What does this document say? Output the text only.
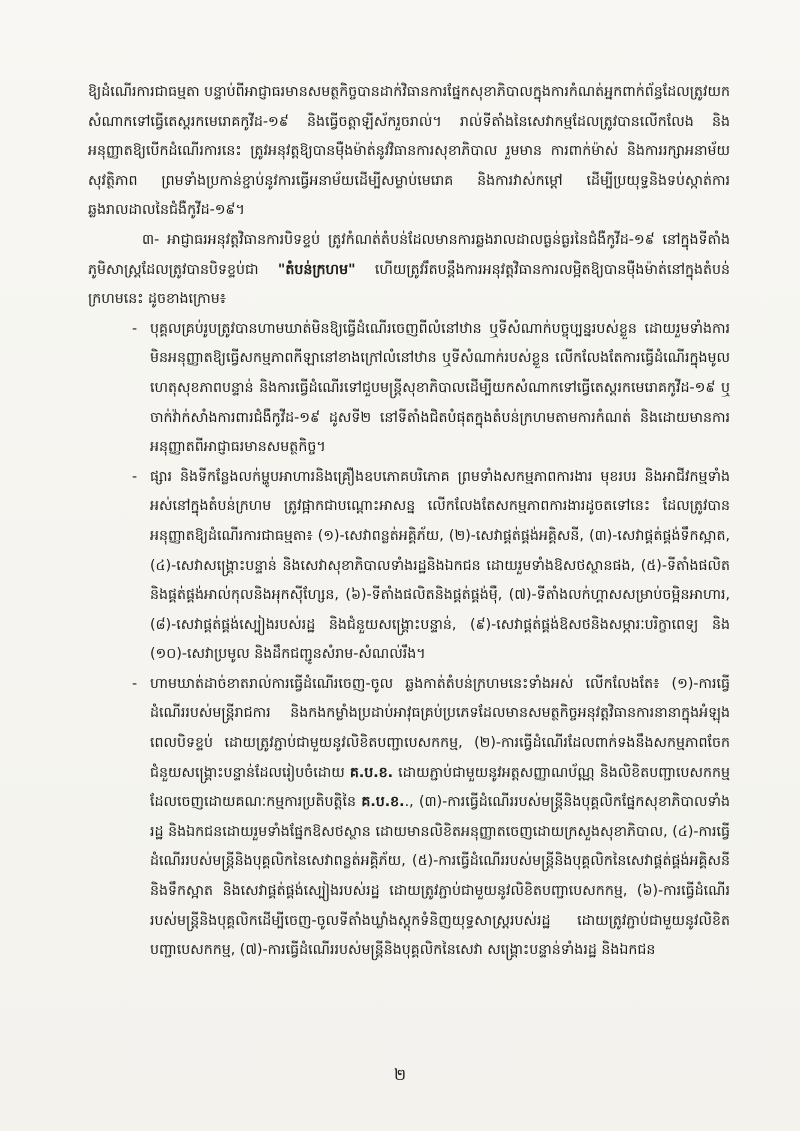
ឱ្យដំណើរការជាធម្មតា បន្ទាប់ពីអាជ្ញាធរមានសមត្ថកិច្ចបានដាក់វិធានការផ្នែកសុខាភិបាលក្នុងការកំណត់អ្នកពាក់ព័ន្ធដែលត្រូវយកសំណាកទៅធ្វើតេស្តរកមេរោគកូវីដ-១៩ និងធ្វើចត្តាឡីស័ករួចរាល់។ រាល់ទីតាំងនៃសេវាកម្មដែលត្រូវបានលើកលែង និងអនុញ្ញាតឱ្យបើកដំណើរការនេះ ត្រូវអនុវត្តឱ្យបានម៉ឺងម៉ាត់នូវវិធានការសុខាភិបាល រួមមាន ការពាក់ម៉ាស់ និងការរក្សាអនាម័យសុវត្ថិភាព ព្រមទាំងប្រកាន់ខ្ជាប់នូវការធ្វើអនាម័យដើម្បីសម្លាប់មេរោគ និងការវាស់កម្តៅ ដើម្បីប្រយុទ្ធនិងទប់ស្កាត់ការឆ្លងរាលដាលនៃជំងឺកូវីដ-១៩។

៣- អាជ្ញាធរអនុវត្តវិធានការបិទខ្ទប់ ត្រូវកំណត់តំបន់ដែលមានការឆ្លងរាលដាលធ្ងន់ធ្ងរនៃជំងឺកូវីដ-១៩ នៅក្នុងទីតាំងភូមិសាស្ត្រដែលត្រូវបានបិទខ្ទប់ជា "តំបន់ក្រហម" ហើយត្រូវរឹតបន្តឹងការអនុវត្តវិធានការលម្អិតឱ្យបានម៉ឺងម៉ាត់នៅក្នុងតំបន់ក្រហមនេះ ដូចខាងក្រោម៖

- បុគ្គលគ្រប់រូបត្រូវបានហាមឃាត់មិនឱ្យធ្វើដំណើរចេញពីលំនៅឋាន ឬទីសំណាក់បច្ចុប្បន្នរបស់ខ្លួន ដោយរួមទាំងការមិនអនុញ្ញាតឱ្យធ្វើសកម្មភាពកីឡានៅខាងក្រៅលំនៅឋាន ឬទីសំណាក់របស់ខ្លួន លើកលែងតែការធ្វើដំណើរក្នុងមូលហេតុសុខភាពបន្ទាន់ និងការធ្វើដំណើរទៅជួបមន្ត្រីសុខាភិបាលដើម្បីយកសំណាកទៅធ្វើតេស្តរកមេរោគកូវីដ-១៩ ឬចាក់វ៉ាក់សាំងការពារជំងឺកូវីដ-១៩ ដូសទី២ នៅទីតាំងជិតបំផុតក្នុងតំបន់ក្រហមតាមការកំណត់ និងដោយមានការអនុញ្ញាតពីអាជ្ញាធរមានសមត្ថកិច្ច។
- ផ្សារ និងទីកន្លែងលក់ម្ហូបអាហារនិងគ្រឿងឧបភោគបរិភោគ ព្រមទាំងសកម្មភាពការងារ មុខរបរ និងអាជីវកម្មទាំងអស់នៅក្នុងតំបន់ក្រហម ត្រូវផ្អាកជាបណ្តោះអាសន្ន លើកលែងតែសកម្មភាពការងារដូចតទៅនេះ ដែលត្រូវបានអនុញ្ញាតឱ្យដំណើរការជាធម្មតា៖ (១)-សេវាពន្លត់អគ្គិភ័យ, (២)-សេវាផ្គត់ផ្គង់អគ្គិសនី, (៣)-សេវាផ្គត់ផ្គង់ទឹកស្អាត, (៤)-សេវាសង្គ្រោះបន្ទាន់ និងសេវាសុខាភិបាលទាំងរដ្ឋនិងឯកជន ដោយរួមទាំងឱសថស្ថានផង, (៥)-ទីតាំងផលិតនិងផ្គត់ផ្គង់អាល់កុលនិងអុកស៊ីហ្សែន, (៦)-ទីតាំងផលិតនិងផ្គត់ផ្គង់ម៉ឺ, (៧)-ទីតាំងលក់ហ្គាសសម្រាប់ចម្អិនអាហារ, (៨)-សេវាផ្គត់ផ្គង់ស្បៀងរបស់រដ្ឋ និងជំនួយសង្គ្រោះបន្ទាន់, (៩)-សេវាផ្គត់ផ្គង់ឱសថនិងសម្ភារៈបរិក្ខាពេទ្យ និង (១០)-សេវាប្រមូល និងដឹកជញ្ជូនសំរាម-សំណល់រឹង។
- ហាមឃាត់ដាច់ខាតរាល់ការធ្វើដំណើរចេញ-ចូល ឆ្លងកាត់តំបន់ក្រហមនេះទាំងអស់ លើកលែងតែ៖ (១)-ការធ្វើដំណើររបស់មន្ត្រីរាជការ និងកងកម្លាំងប្រដាប់អាវុធគ្រប់ប្រភេទដែលមានសមត្ថកិច្ចអនុវត្តវិធានការនានាក្នុងអំឡុងពេលបិទខ្ទប់ ដោយត្រូវភ្ជាប់ជាមួយនូវលិខិតបញ្ជាបេសកកម្ម, (២)-ការធ្វើដំណើរដែលពាក់ទងនឹងសកម្មភាពចែកជំនួយសង្គ្រោះបន្ទាន់ដែលរៀបចំដោយ គ.ប.ខ. ដោយភ្ជាប់ជាមួយនូវអត្តសញ្ញាណប័ណ្ណ និងលិខិតបញ្ជាបេសកកម្មដែលចេញដោយគណៈកម្មការប្រតិបត្តិនៃ គ.ប.ខ.., (៣)-ការធ្វើដំណើររបស់មន្ត្រីនិងបុគ្គលិកផ្នែកសុខាភិបាលទាំងរដ្ឋ និងឯកជនដោយរួមទាំងផ្នែកឱសថស្ថាន ដោយមានលិខិតអនុញ្ញាតចេញដោយក្រសួងសុខាភិបាល, (៤)-ការធ្វើដំណើររបស់មន្ត្រីនិងបុគ្គលិកនៃសេវាពន្លត់អគ្គិភ័យ, (៥)-ការធ្វើដំណើររបស់មន្ត្រីនិងបុគ្គលិកនៃសេវាផ្គត់ផ្គង់អគ្គិសនីនិងទឹកស្អាត និងសេវាផ្គត់ផ្គង់ស្បៀងរបស់រដ្ឋ ដោយត្រូវភ្ជាប់ជាមួយនូវលិខិតបញ្ជាបេសកកម្ម, (៦)-ការធ្វើដំណើររបស់មន្ត្រីនិងបុគ្គលិកដើម្បីចេញ-ចូលទីតាំងឃ្លាំងស្តុកទំនិញយុទ្ធសាស្ត្ររបស់រដ្ឋ ដោយត្រូវភ្ជាប់ជាមួយនូវលិខិតបញ្ជាបេសកកម្ម, (៧)-ការធ្វើដំណើររបស់មន្ត្រីនិងបុគ្គលិកនៃសេវា សង្គ្រោះបន្ទាន់ទាំងរដ្ឋ និងឯកជន
២
